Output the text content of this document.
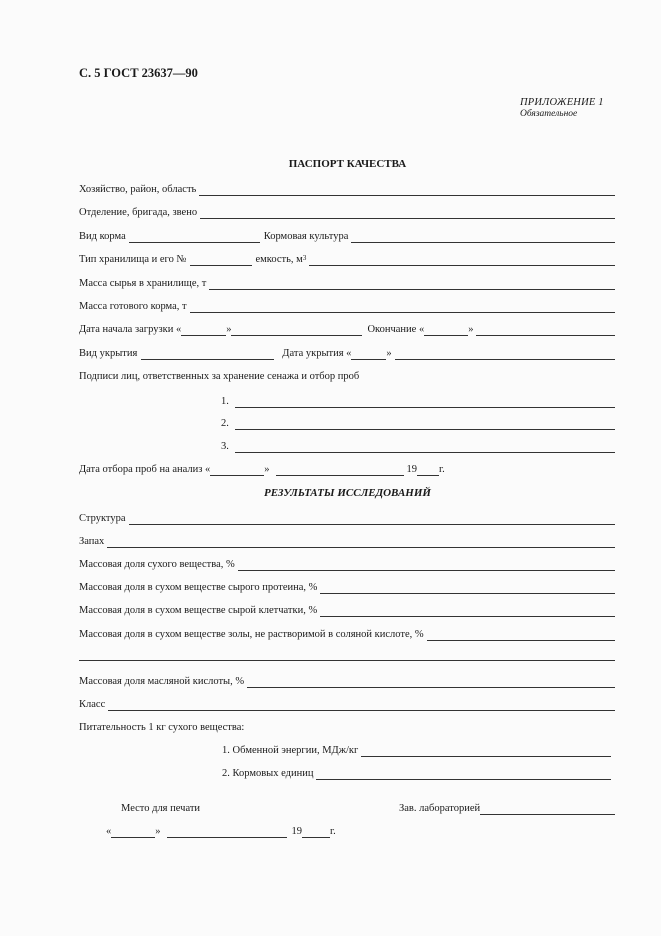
С. 5 ГОСТ 23637—90
ПРИЛОЖЕНИЕ 1
Обязательное
ПАСПОРТ КАЧЕСТВА
Хозяйство, район, область
Отделение, бригада, звено
Вид корма	Кормовая культура
Тип хранилища и его №	емкость, $м^3$
Масса сырья в хранилище, т
Масса готового корма, т
Дата начала загрузки «	»	Окончание «	»
Вид укрытия	Дата укрытия «	»
Подписи лиц, ответственных за хранение сенажа и отбор проб
1.
2.
3.
Дата отбора проб на анализ «	»	19 г.
РЕЗУЛЬТАТЫ ИССЛЕДОВАНИЙ
Структура
Запах
Массовая доля сухого вещества, %
Массовая доля в сухом веществе сырого протеина, %
Массовая доля в сухом веществе сырой клетчатки, %
Массовая доля в сухом веществе золы, не растворимой в соляной кислоте, %
Массовая доля масляной кислоты, %
Класс
Питательность 1 кг сухого вещества:
1. Обменной энергии, МДж/кг
2. Кормовых единиц
Место для печати	Зав. лабораторией
«	»	19	г.
